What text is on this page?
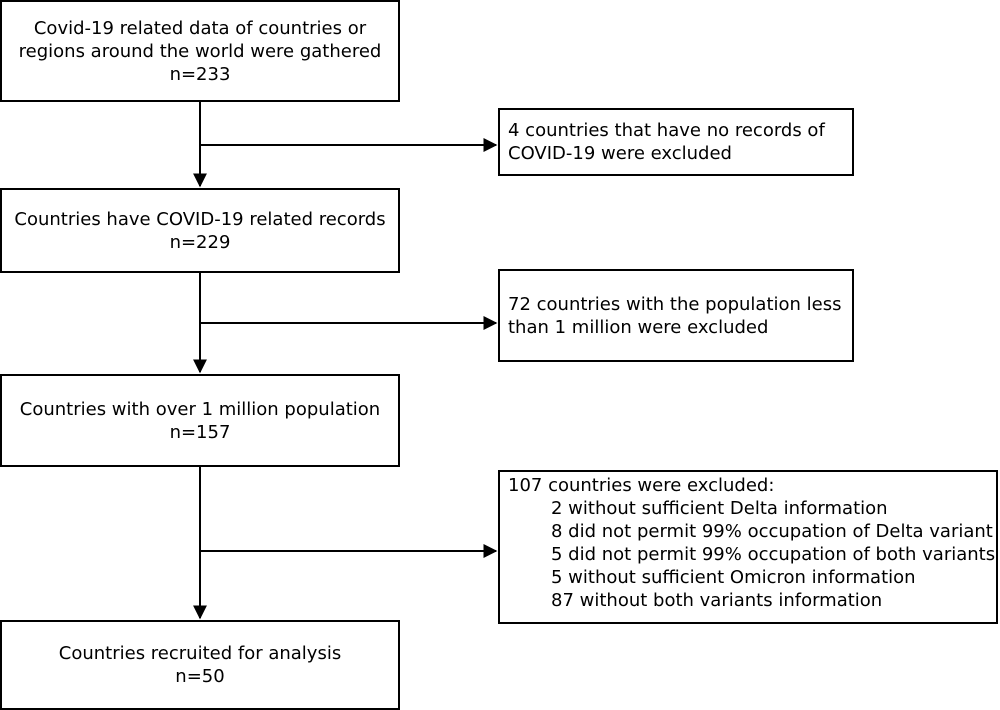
Covid-19 related data of countries or
regions around the world were gathered
n=233
Countries have COVID-19 related records
n=229
Countries with over 1 million population
n=157
Countries recruited for analysis
n=50
4 countries that have no records of
COVID-19 were excluded
72 countries with the population less
than 1 million were excluded
107 countries were excluded:
2 without sufficient Delta information
8 did not permit 99% occupation of Delta variant
5 did not permit 99% occupation of both variants
5 without sufficient Omicron information
87 without both variants information
